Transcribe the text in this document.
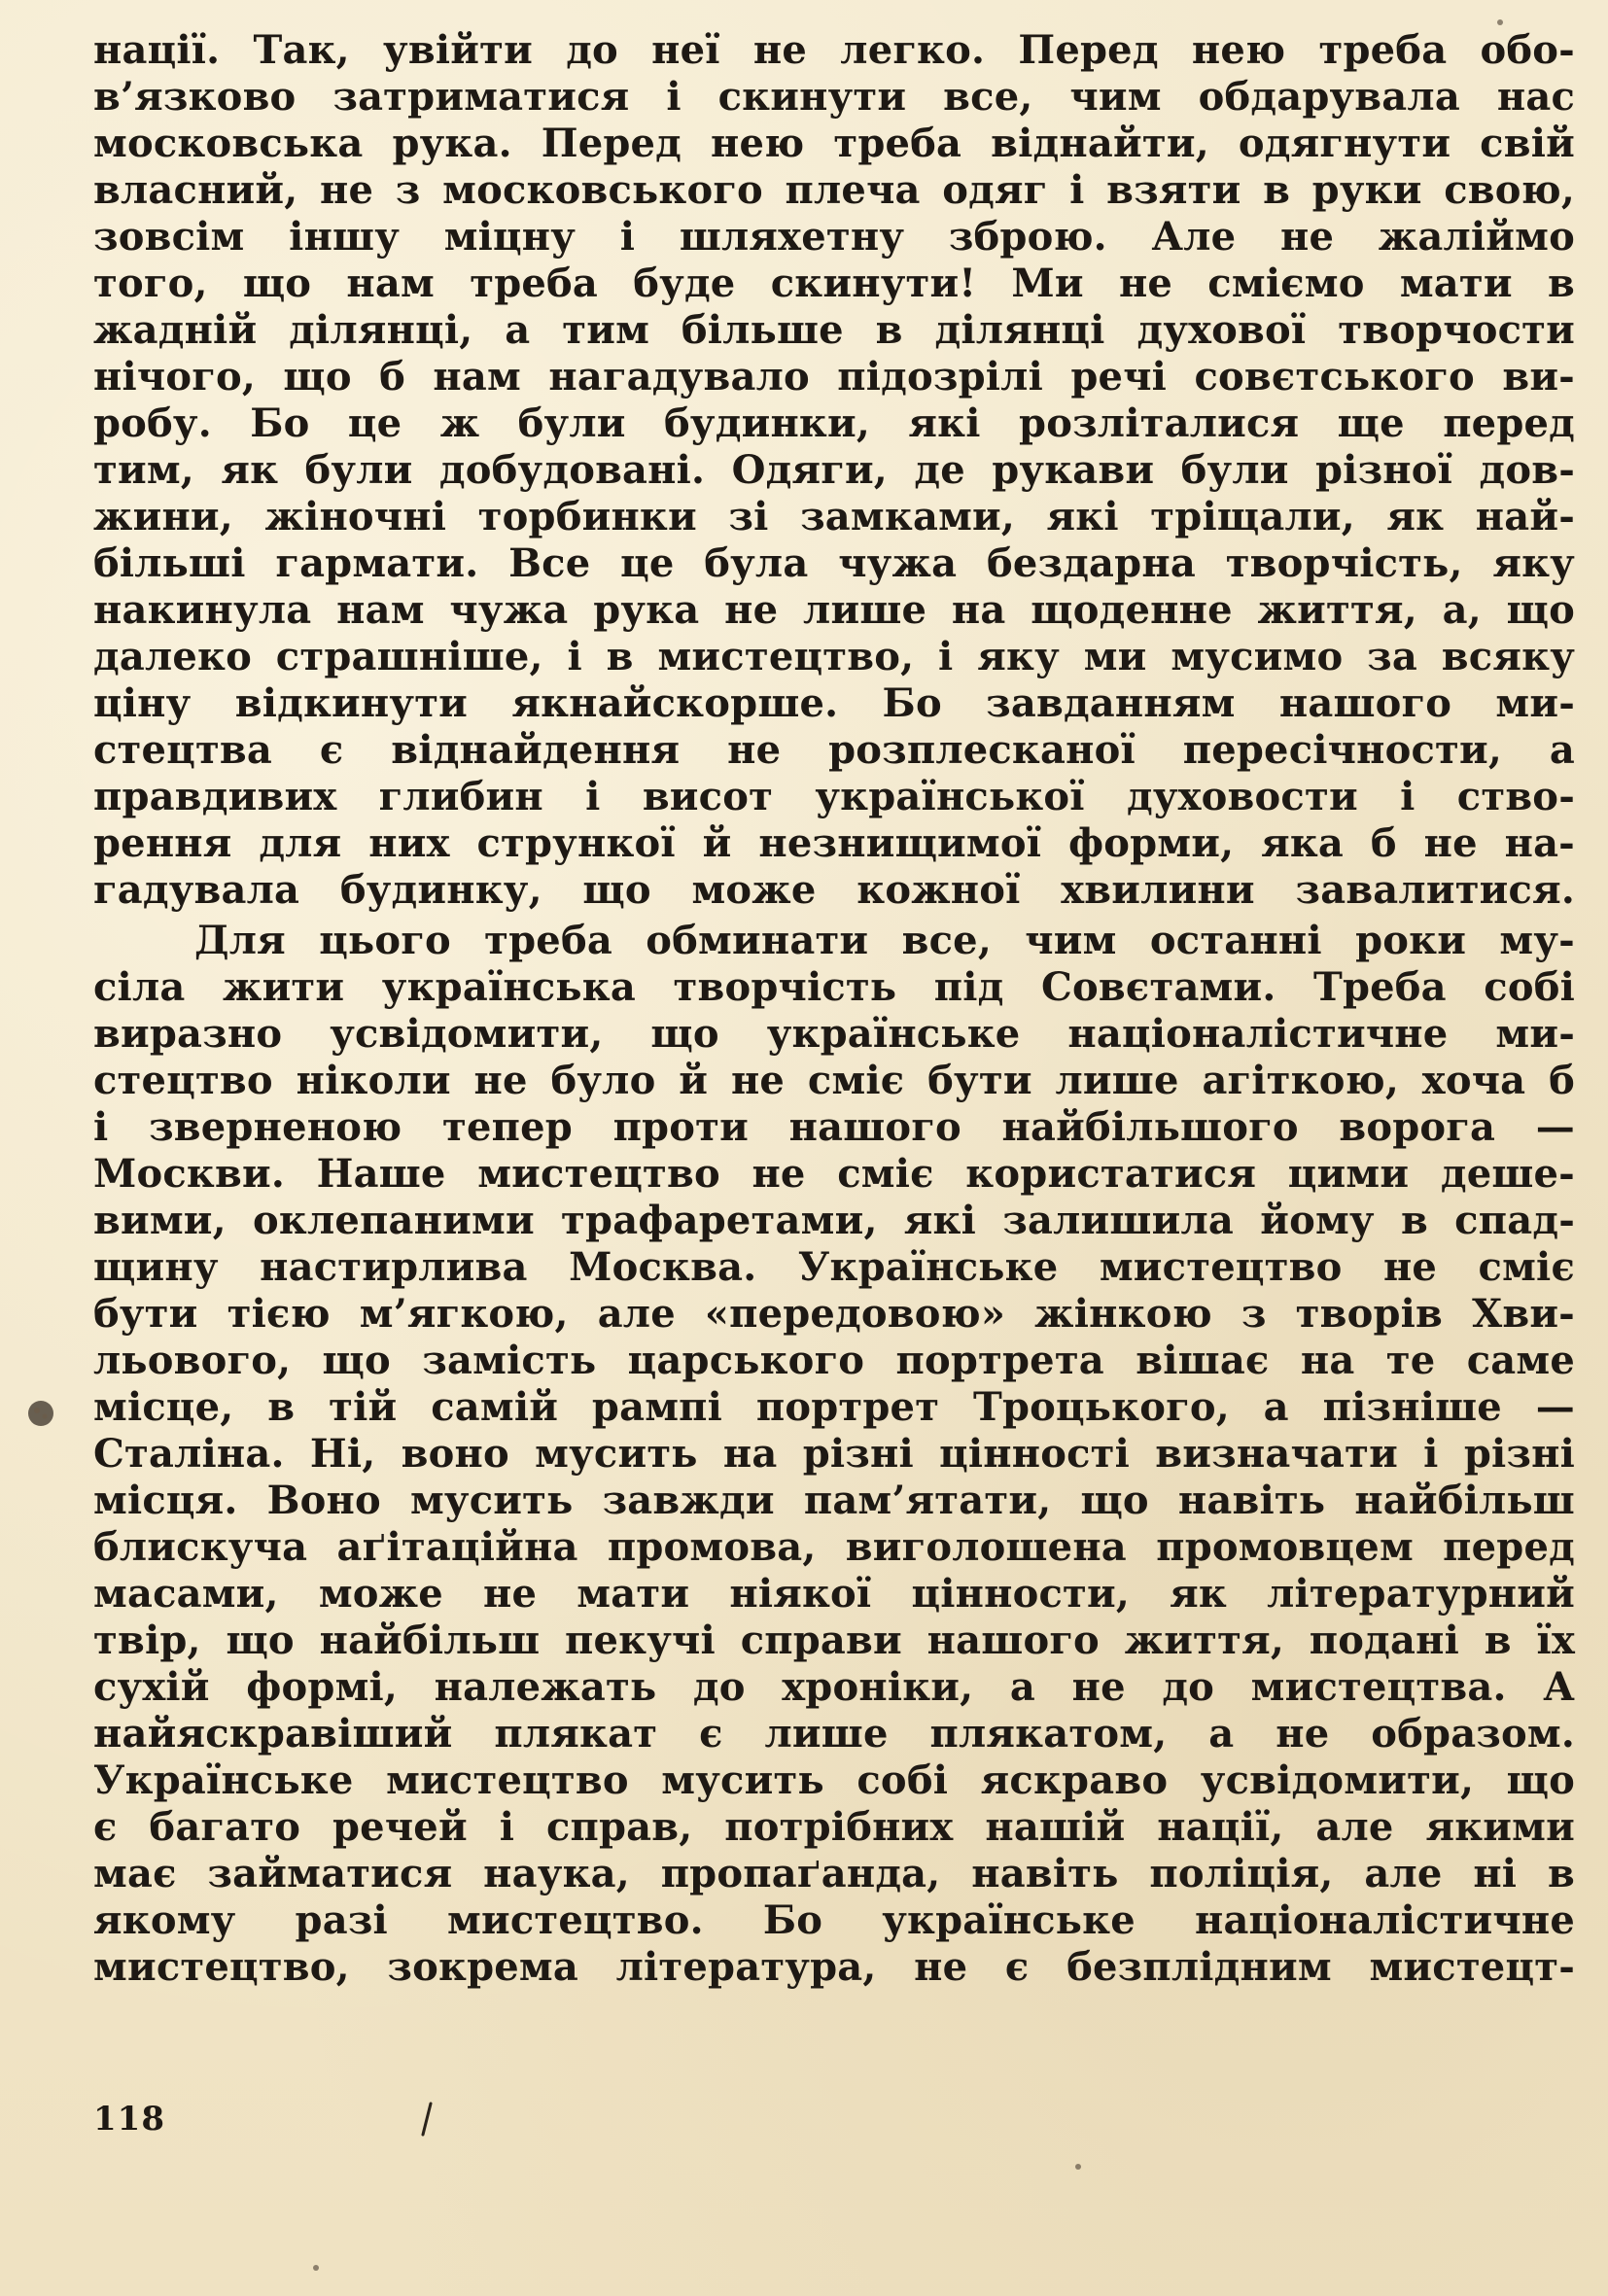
нації. Так, увійти до неї не легко. Перед нею треба обо-
в’язково затриматися і скинути все, чим обдарувала нас
московська рука. Перед нею треба віднайти, одягнути свій
власний, не з московського плеча одяг і взяти в руки свою,
зовсім іншу міцну і шляхетну зброю. Але не жаліймо
того, що нам треба буде скинути! Ми не сміємо мати в
жадній ділянці, а тим більше в ділянці духової творчости
нічого, що б нам нагадувало підозрілі речі совєтського ви-
робу. Бо це ж були будинки, які розліталися ще перед
тим, як були добудовані. Одяги, де рукави були різної дов-
жини, жіночні торбинки зі замками, які тріщали, як най-
більші гармати. Все це була чужа бездарна творчість, яку
накинула нам чужа рука не лише на щоденне життя, а, що
далеко страшніше, і в мистецтво, і яку ми мусимо за всяку
ціну відкинути якнайскорше. Бо завданням нашого ми-
стецтва є віднайдення не розплесканої пересічности, а
правдивих глибин і висот української духовости і ство-
рення для них стрункої й незнищимої форми, яка б не на-
гадувала будинку, що може кожної хвилини завалитися.
Для цього треба обминати все, чим останні роки му-
сіла жити українська творчість під Совєтами. Треба собі
виразно усвідомити, що українське націоналістичне ми-
стецтво ніколи не було й не сміє бути лише агіткою, хоча б
і зверненою тепер проти нашого найбільшого ворога —
Москви. Наше мистецтво не сміє користатися цими деше-
вими, оклепаними трафаретами, які залишила йому в спад-
щину настирлива Москва. Українське мистецтво не сміє
бути тією м’ягкою, але «передовою» жінкою з творів Хви-
льового, що замість царського портрета вішає на те саме
місце, в тій самій рампі портрет Троцького, а пізніше —
Сталіна. Ні, воно мусить на різні цінності визначати і різні
місця. Воно мусить завжди пам’ятати, що навіть найбільш
блискуча аґітаційна промова, виголошена промовцем перед
масами, може не мати ніякої цінности, як літературний
твір, що найбільш пекучі справи нашого життя, подані в їх
сухій формі, належать до хроніки, а не до мистецтва. А
найяскравіший плякат є лише плякатом, а не образом.
Українське мистецтво мусить собі яскраво усвідомити, що
є багато речей і справ, потрібних нашій нації, але якими
має займатися наука, пропаґанда, навіть поліція, але ні в
якому разі мистецтво. Бо українське націоналістичне
мистецтво, зокрема література, не є безплідним мистецт-
118
